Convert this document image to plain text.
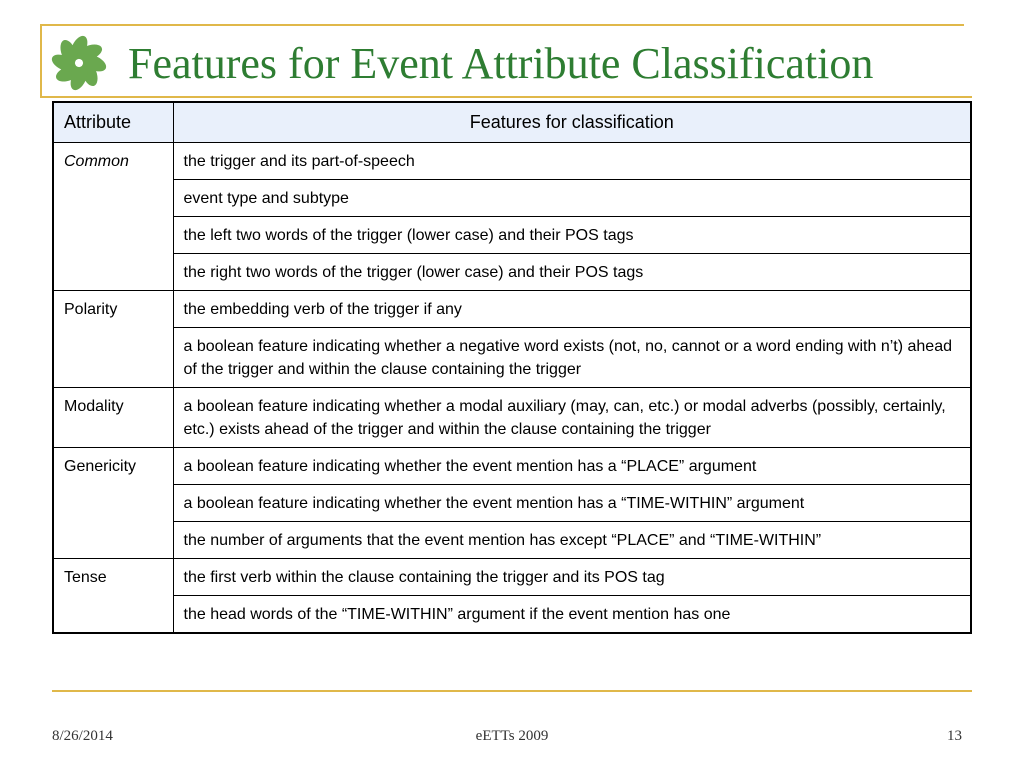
Features for Event Attribute Classification
Attribute	Features for classification
Common	the trigger and its part-of-speech
	event type and subtype
	the left two words of the trigger (lower case) and their POS tags
	the right two words of the trigger (lower case) and their POS tags
Polarity	the embedding verb of the trigger if any
	a boolean feature indicating whether a negative word exists (not, no, cannot or a word ending with n’t) ahead of the trigger and within the clause containing the trigger
Modality	a boolean feature indicating whether a modal auxiliary (may, can, etc.) or modal adverbs (possibly, certainly, etc.) exists ahead of the trigger and within the clause containing the trigger
Genericity	a boolean feature indicating whether the event mention has a “PLACE” argument
	a boolean feature indicating whether the event mention has a “TIME-WITHIN” argument
	the number of arguments that the event mention has except “PLACE” and “TIME-WITHIN”
Tense	the first verb within the clause containing the trigger and its POS tag
	the head words of the “TIME-WITHIN” argument if the event mention has one
8/26/2014	eETTs 2009	13
